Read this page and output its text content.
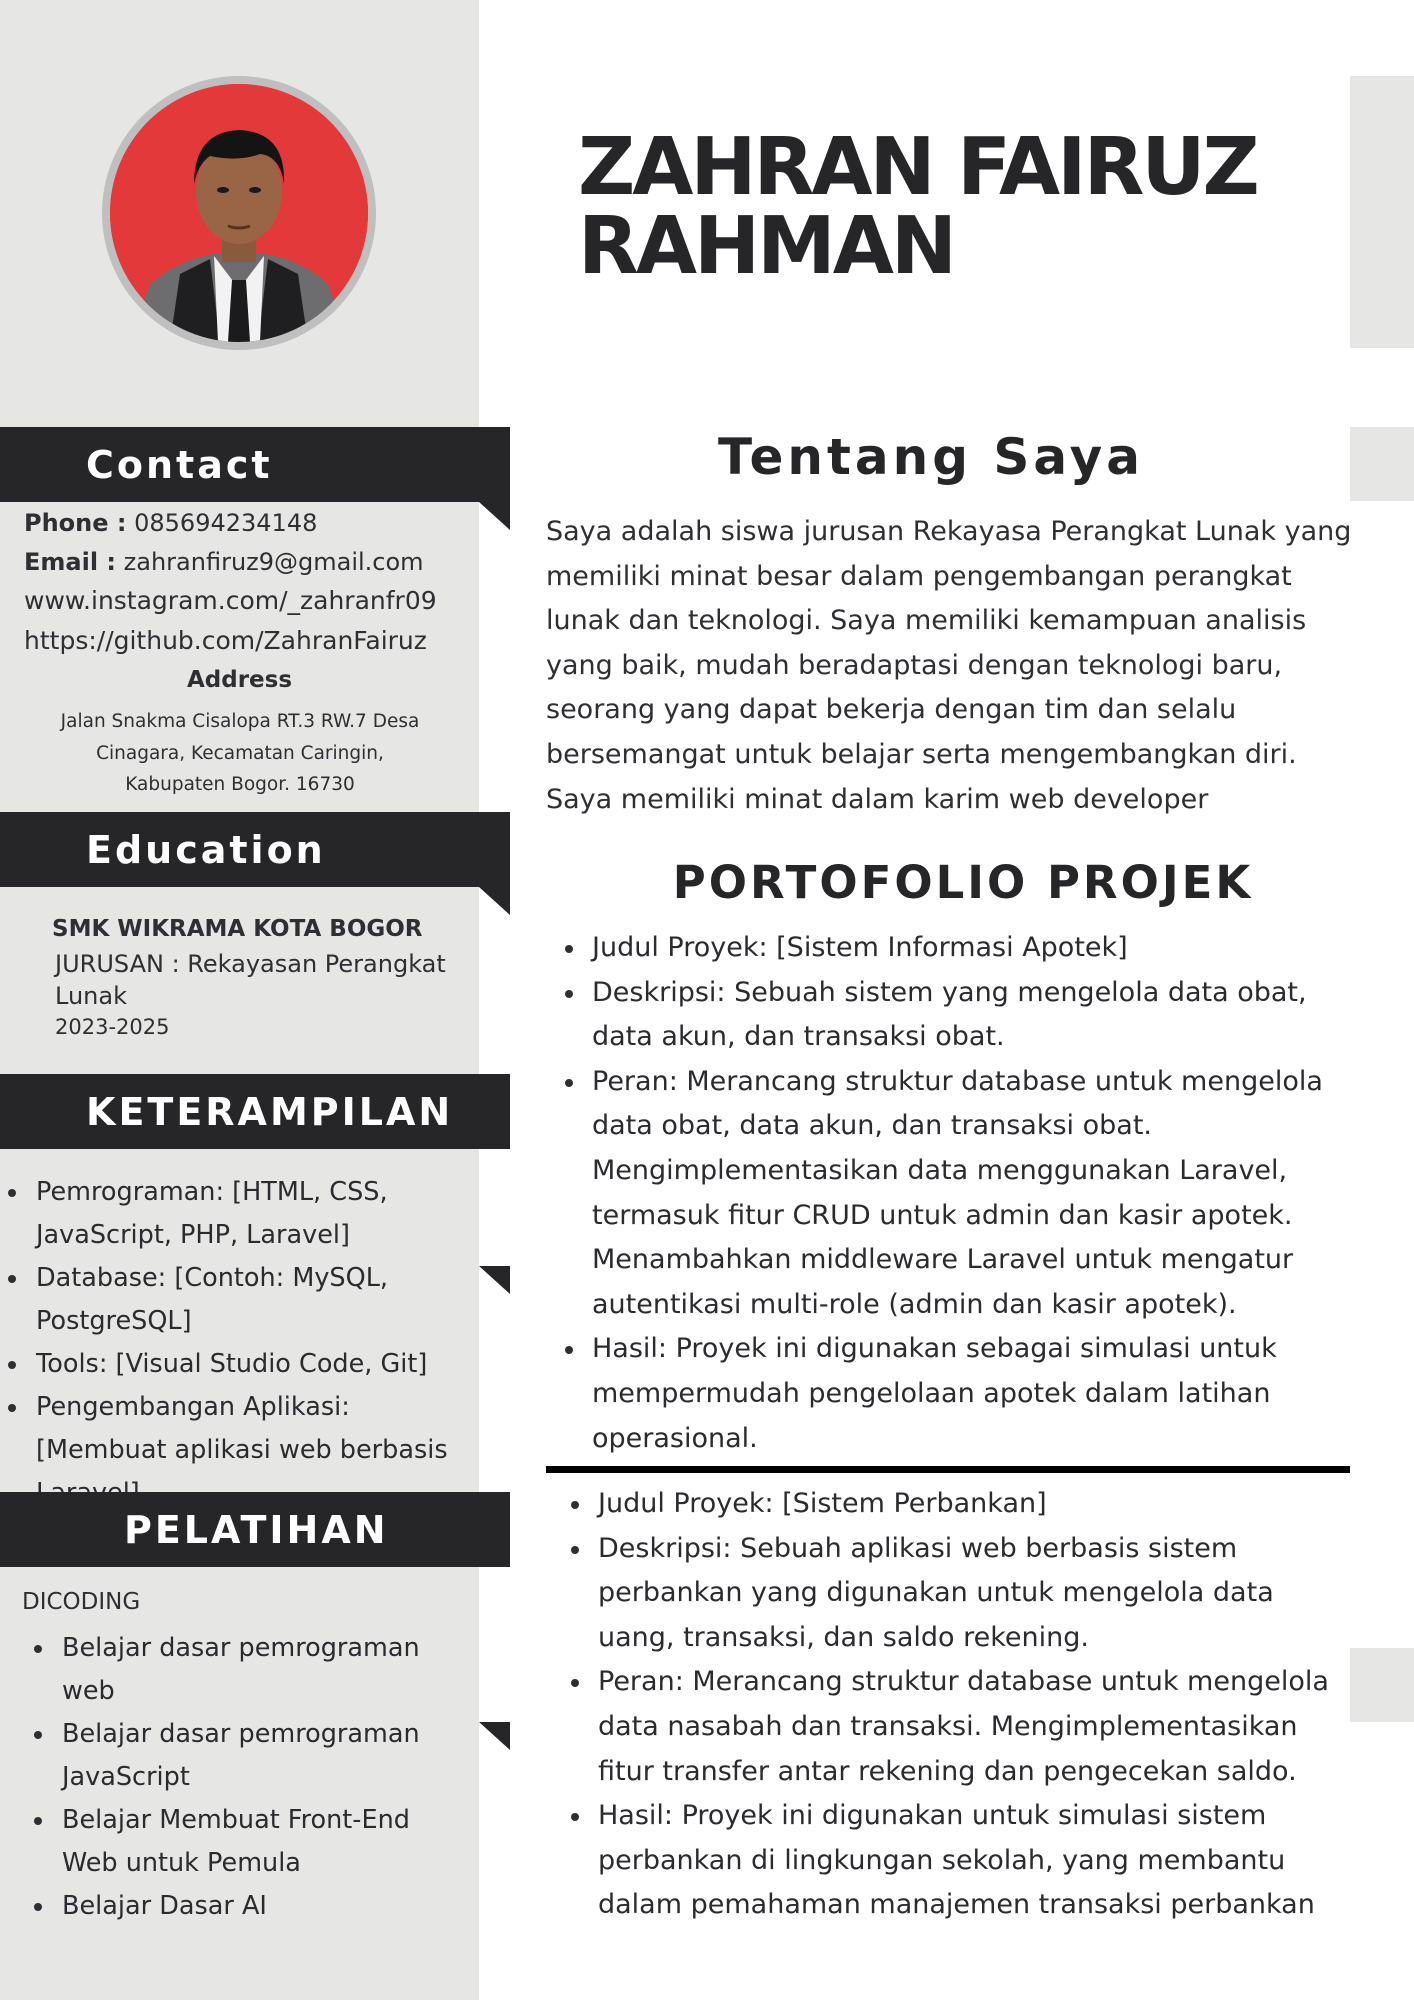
ZAHRAN FAIRUZ
RAHMAN
Contact
Phone : 085694234148
Email : zahranfiruz9@gmail.com
www.instagram.com/_zahranfr09
https://github.com/ZahranFairuz
Address
Jalan Snakma Cisalopa RT.3 RW.7 Desa
Cinagara, Kecamatan Caringin,
Kabupaten Bogor. 16730
Education
SMK WIKRAMA KOTA BOGOR
JURUSAN : Rekayasan Perangkat
Lunak
2023-2025
KETERAMPILAN
Pemrograman: [HTML, CSS, JavaScript, PHP, Laravel]
Database: [Contoh: MySQL, PostgreSQL]
Tools: [Visual Studio Code, Git]
Pengembangan Aplikasi: [Membuat aplikasi web berbasis
PELATIHAN
DICODING
Belajar dasar pemrograman web
Belajar dasar pemrograman JavaScript
Belajar Membuat Front-End Web untuk Pemula
Belajar Dasar AI
Tentang Saya
Saya adalah siswa jurusan Rekayasa Perangkat Lunak yang memiliki minat besar dalam pengembangan perangkat lunak dan teknologi. Saya memiliki kemampuan analisis yang baik, mudah beradaptasi dengan teknologi baru, seorang yang dapat bekerja dengan tim dan selalu bersemangat untuk belajar serta mengembangkan diri. Saya memiliki minat dalam karim web developer
PORTOFOLIO PROJEK
Judul Proyek: [Sistem Informasi Apotek]
Deskripsi: Sebuah sistem yang mengelola data obat, data akun, dan transaksi obat.
Peran: Merancang struktur database untuk mengelola data obat, data akun, dan transaksi obat. Mengimplementasikan data menggunakan Laravel, termasuk fitur CRUD untuk admin dan kasir apotek. Menambahkan middleware Laravel untuk mengatur autentikasi multi-role (admin dan kasir apotek).
Hasil: Proyek ini digunakan sebagai simulasi untuk mempermudah pengelolaan apotek dalam latihan operasional.
Judul Proyek: [Sistem Perbankan]
Deskripsi: Sebuah aplikasi web berbasis sistem perbankan yang digunakan untuk mengelola data uang, transaksi, dan saldo rekening.
Peran: Merancang struktur database untuk mengelola data nasabah dan transaksi. Mengimplementasikan fitur transfer antar rekening dan pengecekan saldo.
Hasil: Proyek ini digunakan untuk simulasi sistem perbankan di lingkungan sekolah, yang membantu dalam pemahaman manajemen transaksi perbankan
